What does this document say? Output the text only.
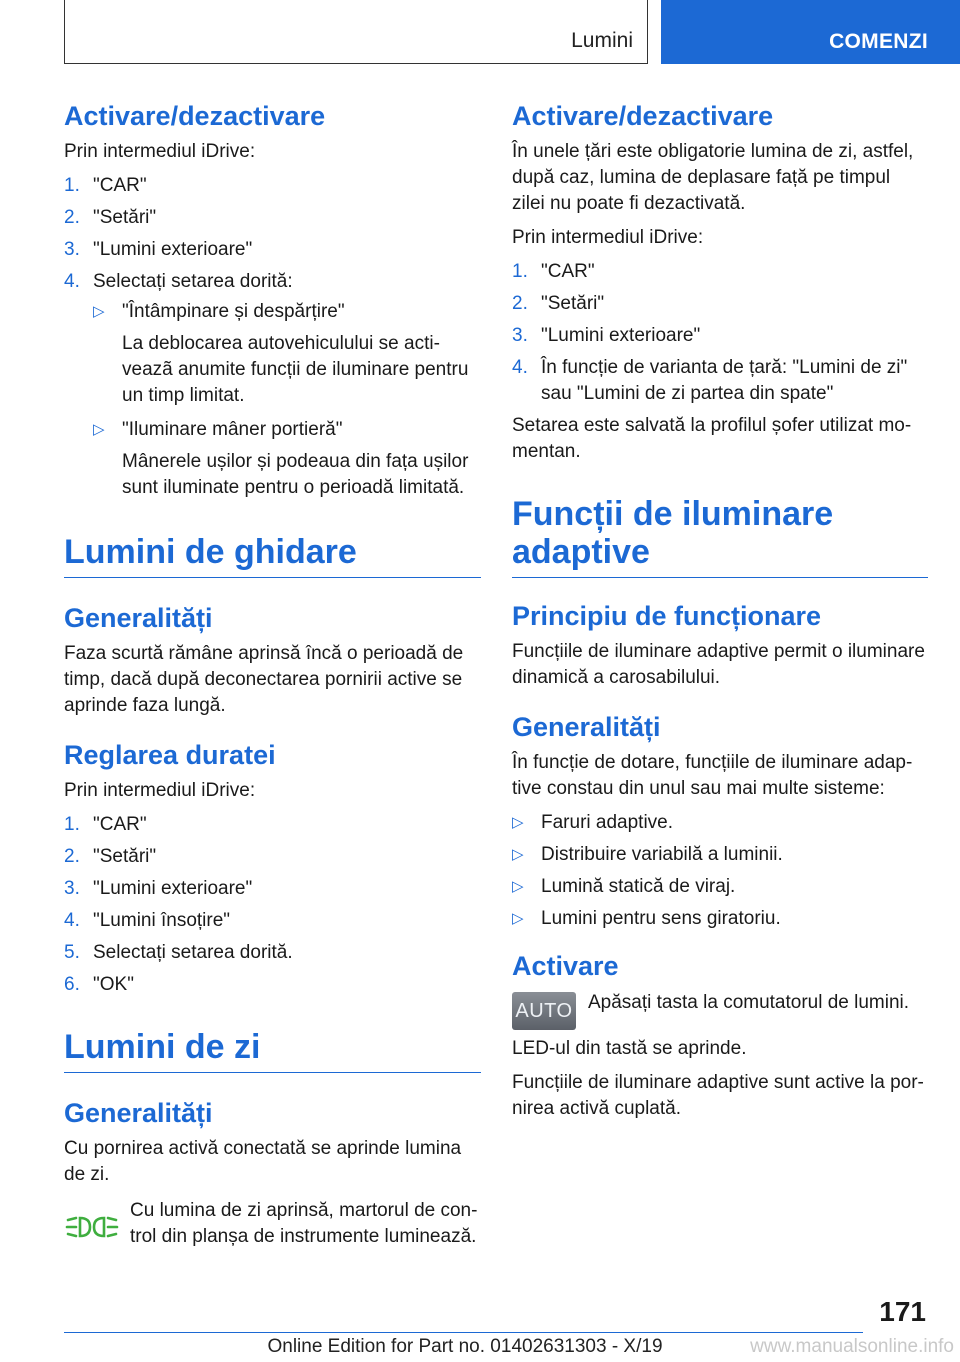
Lumini	COMENZI
Activare/dezactivare

Prin intermediul iDrive:

1. "CAR"
2. "Setări"
3. "Lumini exterioare"
4. Selectați setarea dorită:
▷ "Întâmpinare și despărțire"
La deblocarea autovehiculului se acti-veazã anumite funcții de iluminare pentru un timp limitat.
▷ "Iluminare mâner portieră"
Mânerele ușilor și podeaua din fața ușilor sunt iluminate pentru o perioadă limitată.
Lumini de ghidare
Generalități

Faza scurtă rămâne aprinsă încă o perioadă de timp, dacă după deconectarea pornirii active se aprinde faza lungă.

Reglarea duratei

Prin intermediul iDrive:

1. "CAR"
2. "Setări"
3. "Lumini exterioare"
4. "Lumini însoțire"
5. Selectați setarea dorită.
6. "OK"
Lumini de zi
Generalități

Cu pornirea activă conectată se aprinde lumina de zi.

Cu lumina de zi aprinsă, martorul de con-trol din planșa de instrumente luminează.

Activare/dezactivare

În unele țări este obligatorie lumina de zi, astfel, după caz, lumina de deplasare față pe timpul zilei nu poate fi dezactivată.

Prin intermediul iDrive:

1. "CAR"
2. "Setări"
3. "Lumini exterioare"
4. În funcție de varianta de țară: "Lumini de zi" sau "Lumini de zi partea din spate"

Setarea este salvată la profilul șofer utilizat mo-mentan.

Funcții de iluminare adaptive
Principiu de funcționare

Funcțiile de iluminare adaptive permit o iluminare dinamică a carosabilului.

Generalități

În funcție de dotare, funcțiile de iluminare adap-tive constau din unul sau mai multe sisteme:

▷ Faruri adaptive.
▷ Distribuire variabilă a luminii.
▷ Lumină statică de viraj.
▷ Lumini pentru sens giratoriu.
Activare
AUTO Apăsați tasta la comutatorul de lumini.

LED-ul din tastă se aprinde.

Funcțiile de iluminare adaptive sunt active la por-nirea activă cuplată.

171
Online Edition for Part no. 01402631303 - X/19	www.manualsonline.info
